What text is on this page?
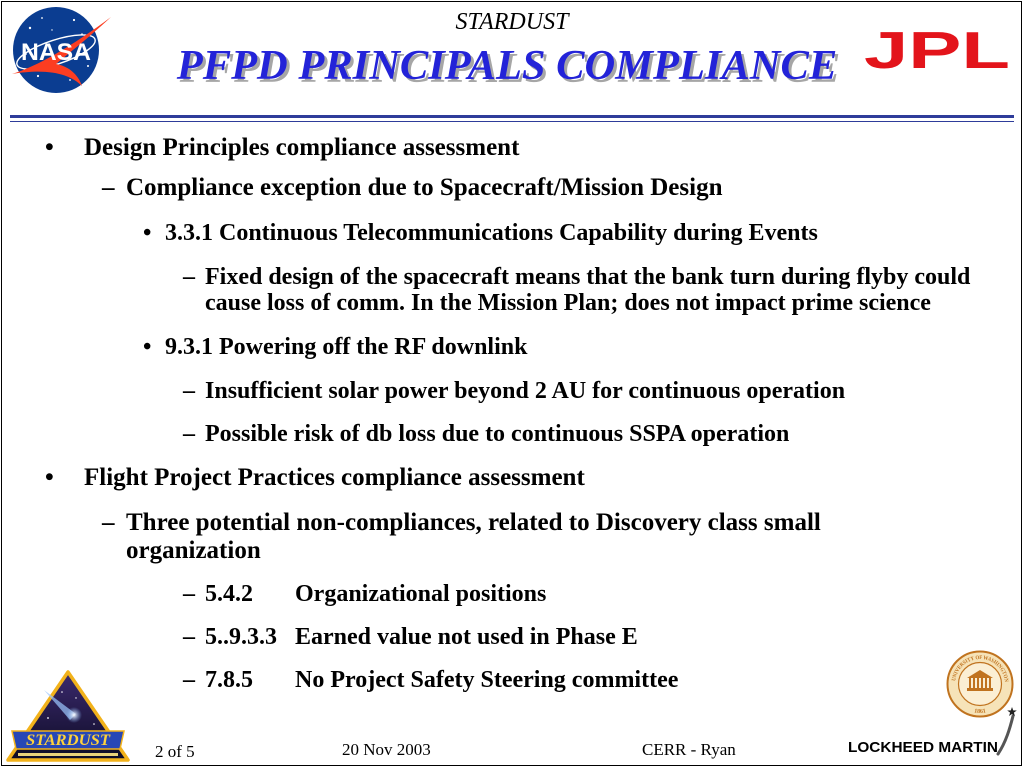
NASA
STARDUST
PFPD PRINCIPALS COMPLIANCE JPL
• Design Principles compliance assessment
– Compliance exception due to Spacecraft/Mission Design
• 3.3.1 Continuous Telecommunications Capability during Events
– Fixed design of the spacecraft means that the bank turn during flyby could cause loss of comm. In the Mission Plan; does not impact prime science
• 9.3.1 Powering off the RF downlink
– Insufficient solar power beyond 2 AU for continuous operation
– Possible risk of db loss due to continuous SSPA operation
• Flight Project Practices compliance assessment
– Three potential non-compliances, related to Discovery class small organization
– 5.4.2 Organizational positions
– 5..9.3.3 Earned value not used in Phase E
– 7.8.5 No Project Safety Steering committee
STARDUST
2 of 5	20 Nov 2003	CERR - Ryan
UNIVERSITY OF WASHINGTON
1861
LOCKHEED MARTIN
